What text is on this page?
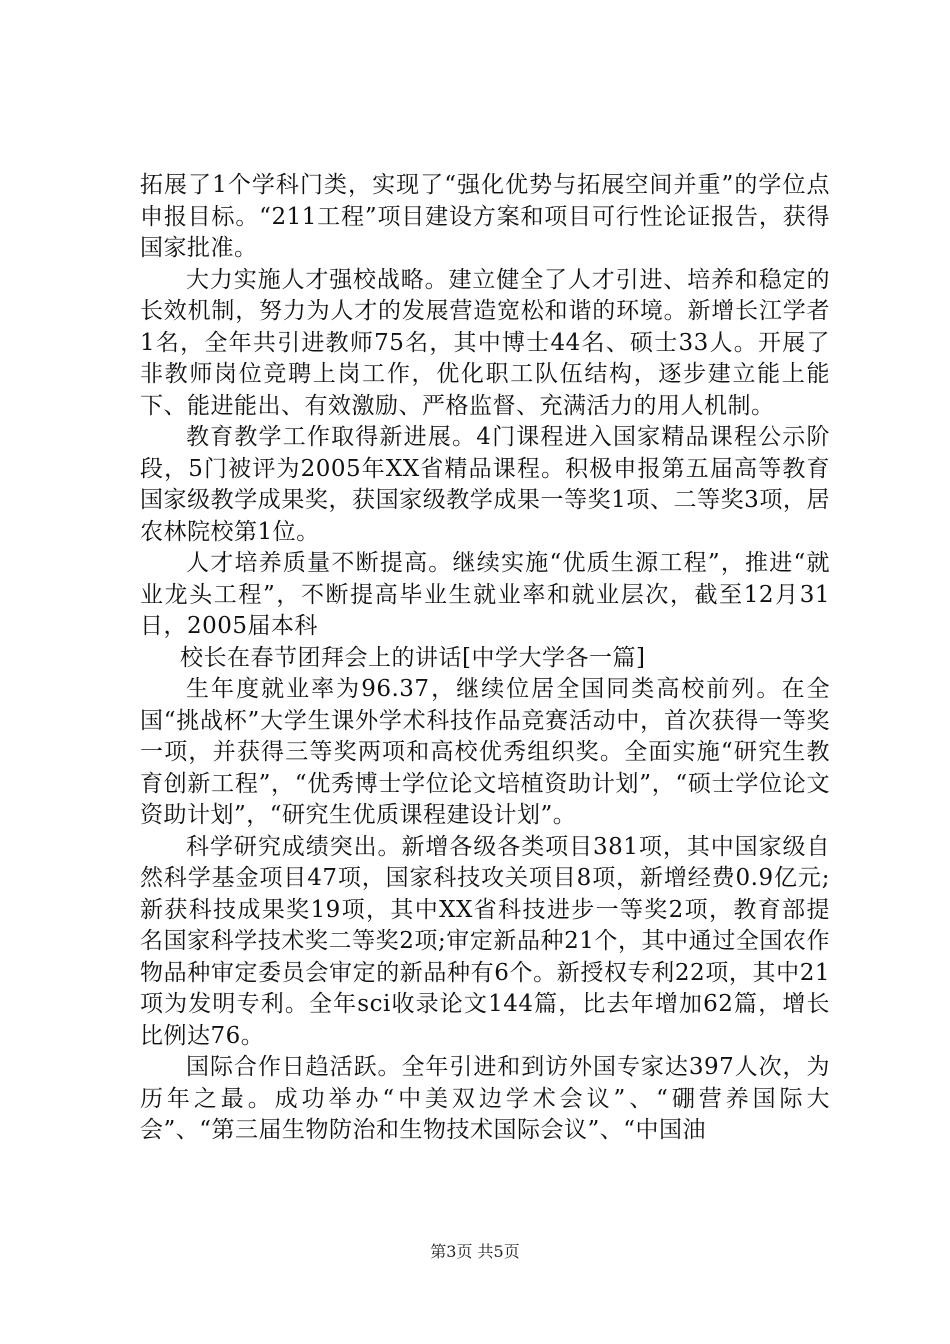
拓展了1个学科门类，实现了“强化优势与拓展空间并重”的学位点申报目标。“211工程”项目建设方案和项目可行性论证报告，获得国家批准。

大力实施人才强校战略。建立健全了人才引进、培养和稳定的长效机制，努力为人才的发展营造宽松和谐的环境。新增长江学者1名，全年共引进教师75名，其中博士44名、硕士33人。开展了非教师岗位竞聘上岗工作，优化职工队伍结构，逐步建立能上能下、能进能出、有效激励、严格监督、充满活力的用人机制。

教育教学工作取得新进展。4门课程进入国家精品课程公示阶段，5门被评为2005年XX省精品课程。积极申报第五届高等教育国家级教学成果奖，获国家级教学成果一等奖1项、二等奖3项，居农林院校第1位。

人才培养质量不断提高。继续实施“优质生源工程”，推进“就业龙头工程”，不断提高毕业生就业率和就业层次，截至12月31日，2005届本科

校长在春节团拜会上的讲话[中学大学各一篇]

生年度就业率为96.37，继续位居全国同类高校前列。在全国“挑战杯”大学生课外学术科技作品竞赛活动中，首次获得一等奖一项，并获得三等奖两项和高校优秀组织奖。全面实施“研究生教育创新工程”，“优秀博士学位论文培植资助计划”，“硕士学位论文资助计划”，“研究生优质课程建设计划”。

科学研究成绩突出。新增各级各类项目381项，其中国家级自然科学基金项目47项，国家科技攻关项目8项，新增经费0.9亿元;新获科技成果奖19项，其中XX省科技进步一等奖2项，教育部提名国家科学技术奖二等奖2项;审定新品种21个，其中通过全国农作物品种审定委员会审定的新品种有6个。新授权专利22项，其中21项为发明专利。全年sci收录论文144篇，比去年增加62篇，增长比例达76。

国际合作日趋活跃。全年引进和到访外国专家达397人次，为历年之最。成功举办“中美双边学术会议”、“硼营养国际大会”、“第三届生物防治和生物技术国际会议”、“中国油

第3页 共5页
